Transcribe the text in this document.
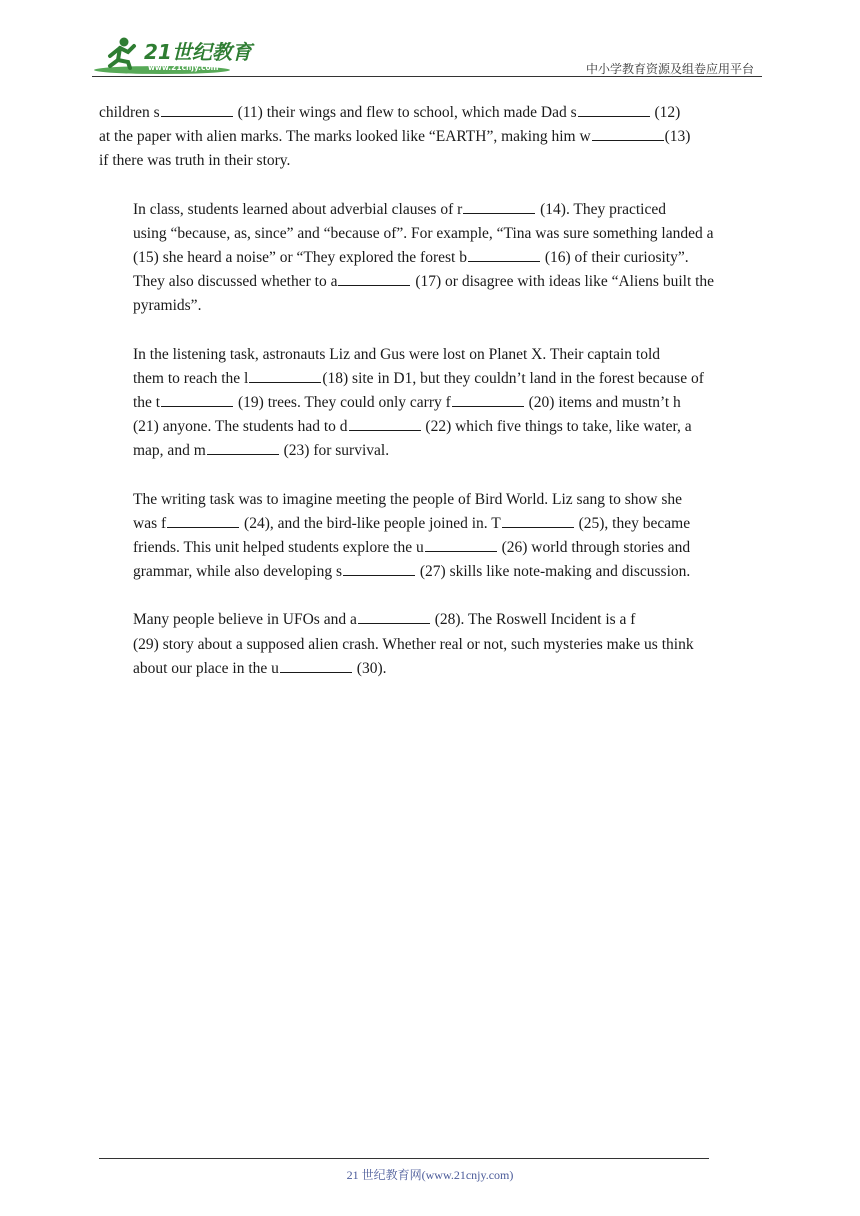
21世纪教育
www.21cnjy.com	中小学教育资源及组卷应用平台

children s	(11) their wings and flew to school, which made Dad s	(12)
at the paper with alien marks. The marks looked like “EARTH”, making him w	(13)
if there was truth in their story.

In class, students learned about adverbial clauses of r	(14). They practiced
using “because, as, since” and “because of”. For example, “Tina was sure something landed a
(15) she heard a noise” or “They explored the forest b	(16) of their curiosity”.
They also discussed whether to a	(17) or disagree with ideas like “Aliens built the
pyramids”.

In the listening task, astronauts Liz and Gus were lost on Planet X. Their captain told
them to reach the l	(18) site in D1, but they couldn’t land in the forest because of
the t	(19) trees. They could only carry f	(20) items and mustn’t h
(21) anyone. The students had to d	(22) which five things to take, like water, a
map, and m	(23) for survival.

The writing task was to imagine meeting the people of Bird World. Liz sang to show she
was f	(24), and the bird-like people joined in. T	(25), they became
friends. This unit helped students explore the u	(26) world through stories and
grammar, while also developing s	(27) skills like note-making and discussion.

Many people believe in UFOs and a	(28). The Roswell Incident is a f
(29) story about a supposed alien crash. Whether real or not, such mysteries make us think
about our place in the u	(30).

21 世纪教育网(www.21cnjy.com)
